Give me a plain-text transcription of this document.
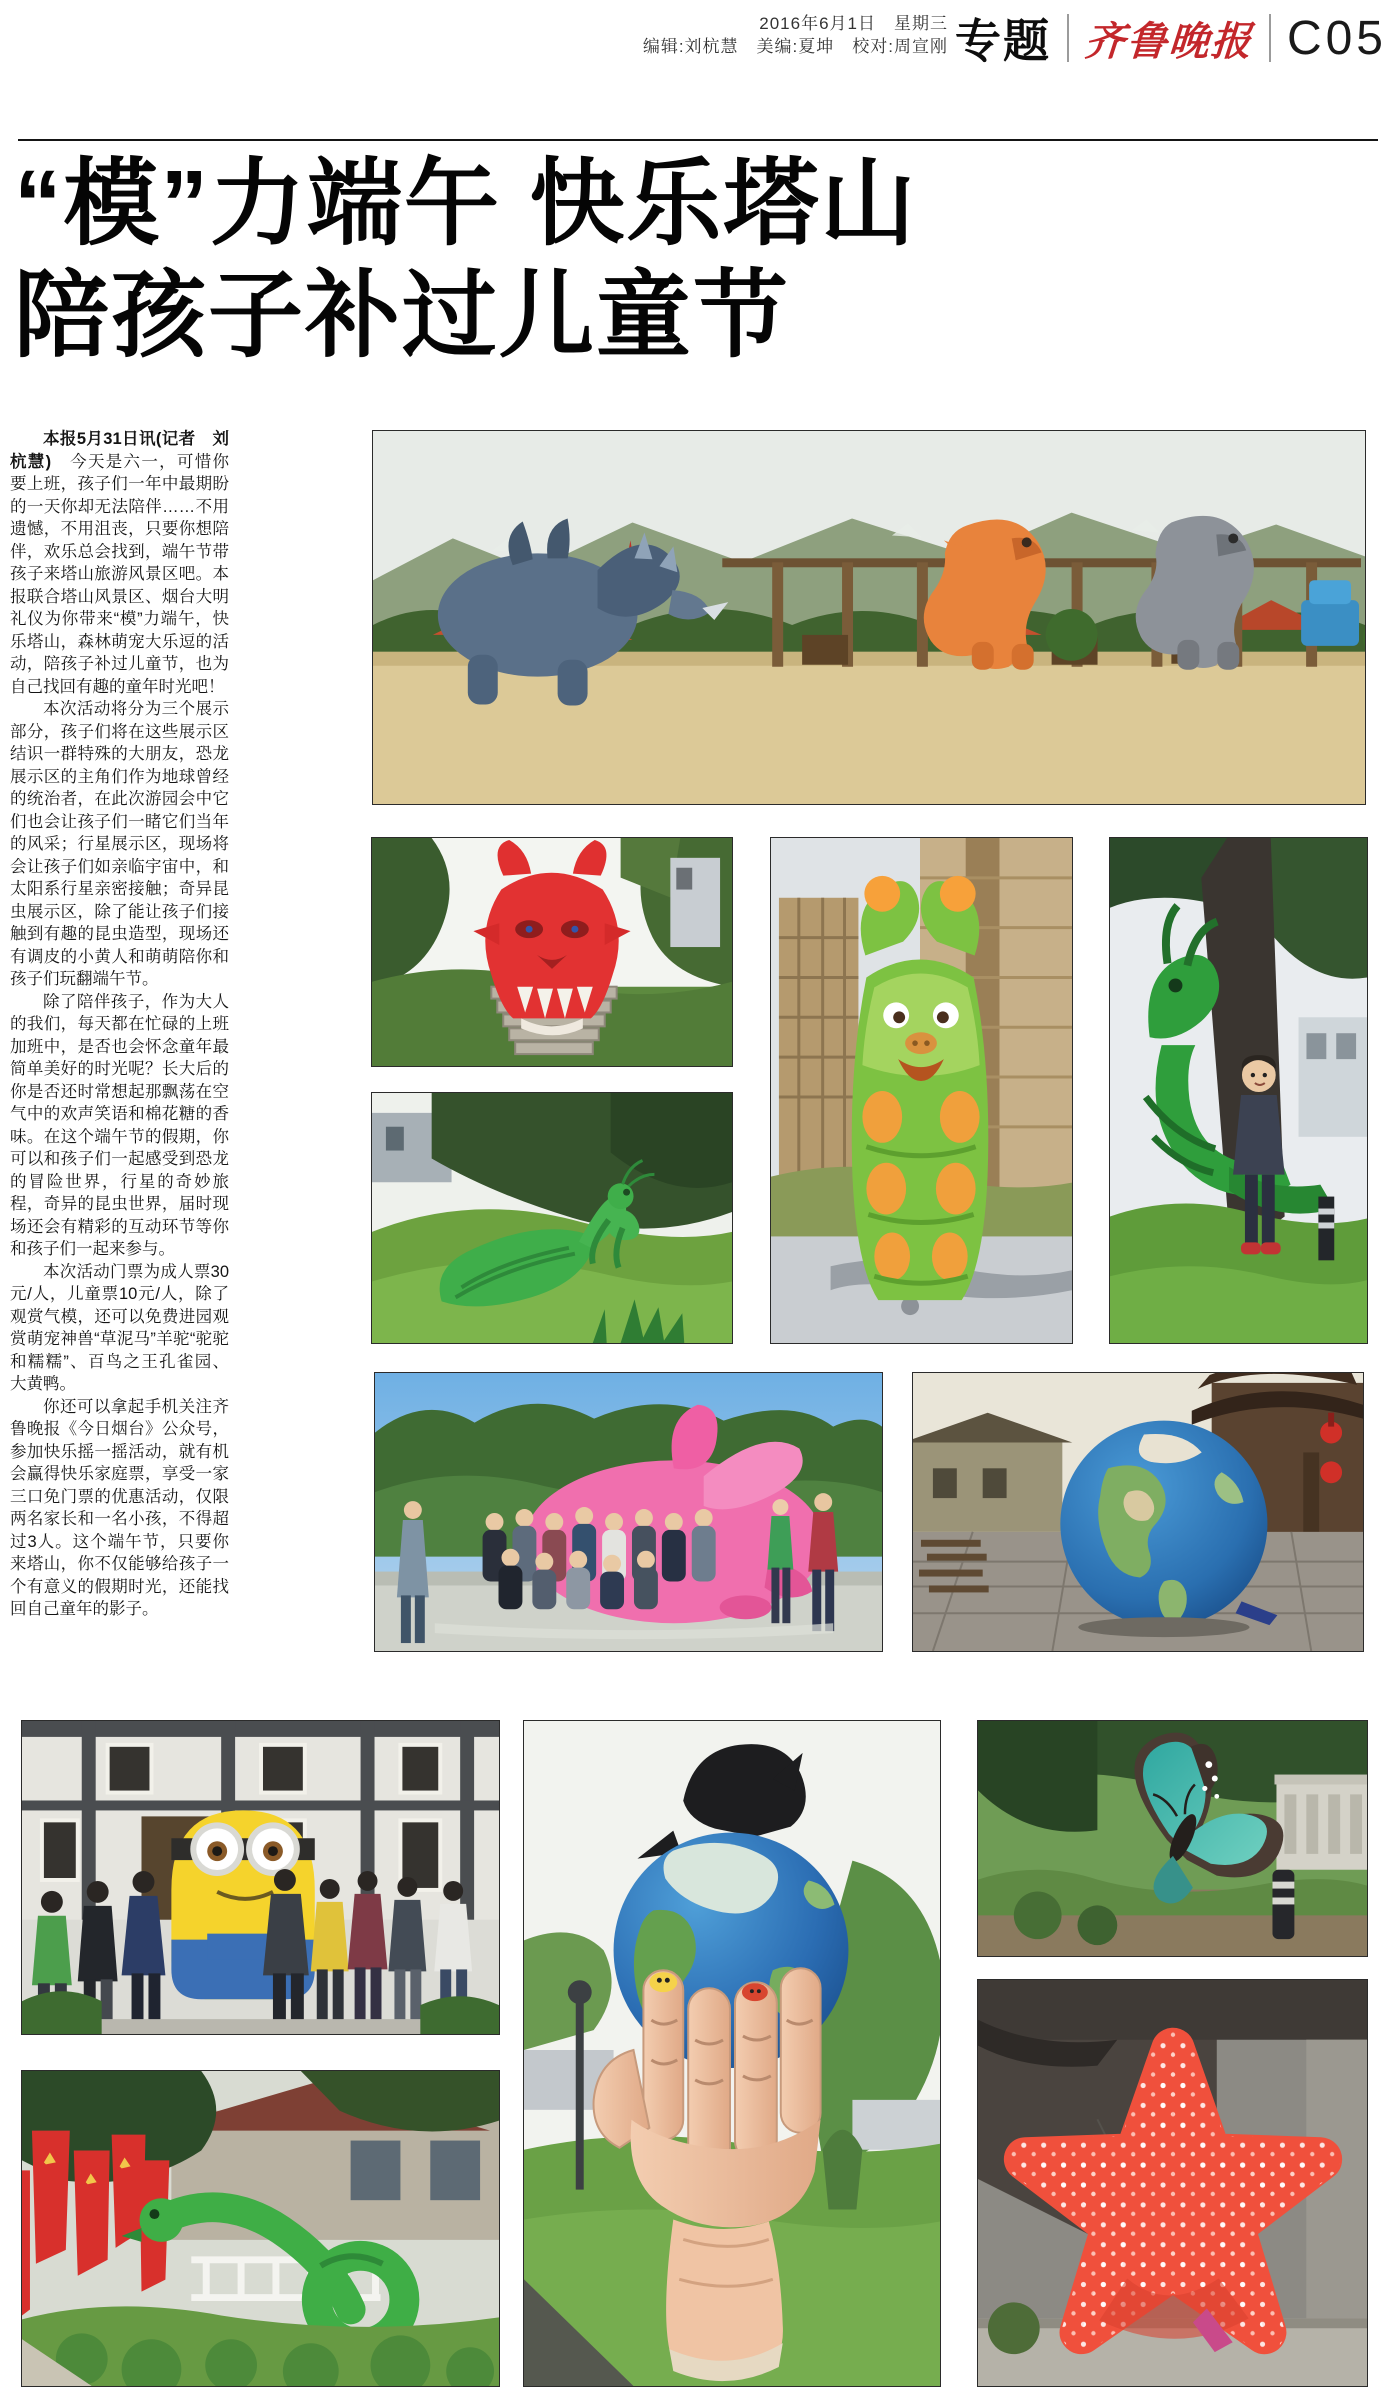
2016年6月1日　星期三
编辑:刘杭慧　美编:夏坤　校对:周宣刚 专题 齐鲁晚报 C05
“模”力端午 快乐塔山
陪孩子补过儿童节

本报5月31日讯(记者　刘杭慧)　今天是六一，可惜你要上班，孩子们一年中最期盼的一天你却无法陪伴……不用遗憾，不用沮丧，只要你想陪伴，欢乐总会找到，端午节带孩子来塔山旅游风景区吧。本报联合塔山风景区、烟台大明礼仪为你带来“模”力端午，快乐塔山，森林萌宠大乐逗的活动，陪孩子补过儿童节，也为自己找回有趣的童年时光吧！

本次活动将分为三个展示部分，孩子们将在这些展示区结识一群特殊的大朋友，恐龙展示区的主角们作为地球曾经的统治者，在此次游园会中它们也会让孩子们一睹它们当年的风采；行星展示区，现场将会让孩子们如亲临宇宙中，和太阳系行星亲密接触；奇异昆虫展示区，除了能让孩子们接触到有趣的昆虫造型，现场还有调皮的小黄人和萌萌陪你和孩子们玩翻端午节。

除了陪伴孩子，作为大人的我们，每天都在忙碌的上班加班中，是否也会怀念童年最简单美好的时光呢？长大后的你是否还时常想起那飘荡在空气中的欢声笑语和棉花糖的香味。在这个端午节的假期，你可以和孩子们一起感受到恐龙的冒险世界，行星的奇妙旅程，奇异的昆虫世界，届时现场还会有精彩的互动环节等你和孩子们一起来参与。

本次活动门票为成人票30元/人，儿童票10元/人，除了观赏气模，还可以免费进园观赏萌宠神兽“草泥马”羊驼“驼驼和糯糯”、百鸟之王孔雀园、大黄鸭。

你还可以拿起手机关注齐鲁晚报《今日烟台》公众号，参加快乐摇一摇活动，就有机会赢得快乐家庭票，享受一家三口免门票的优惠活动，仅限两名家长和一名小孩，不得超过3人。这个端午节，只要你来塔山，你不仅能够给孩子一个有意义的假期时光，还能找回自己童年的影子。
